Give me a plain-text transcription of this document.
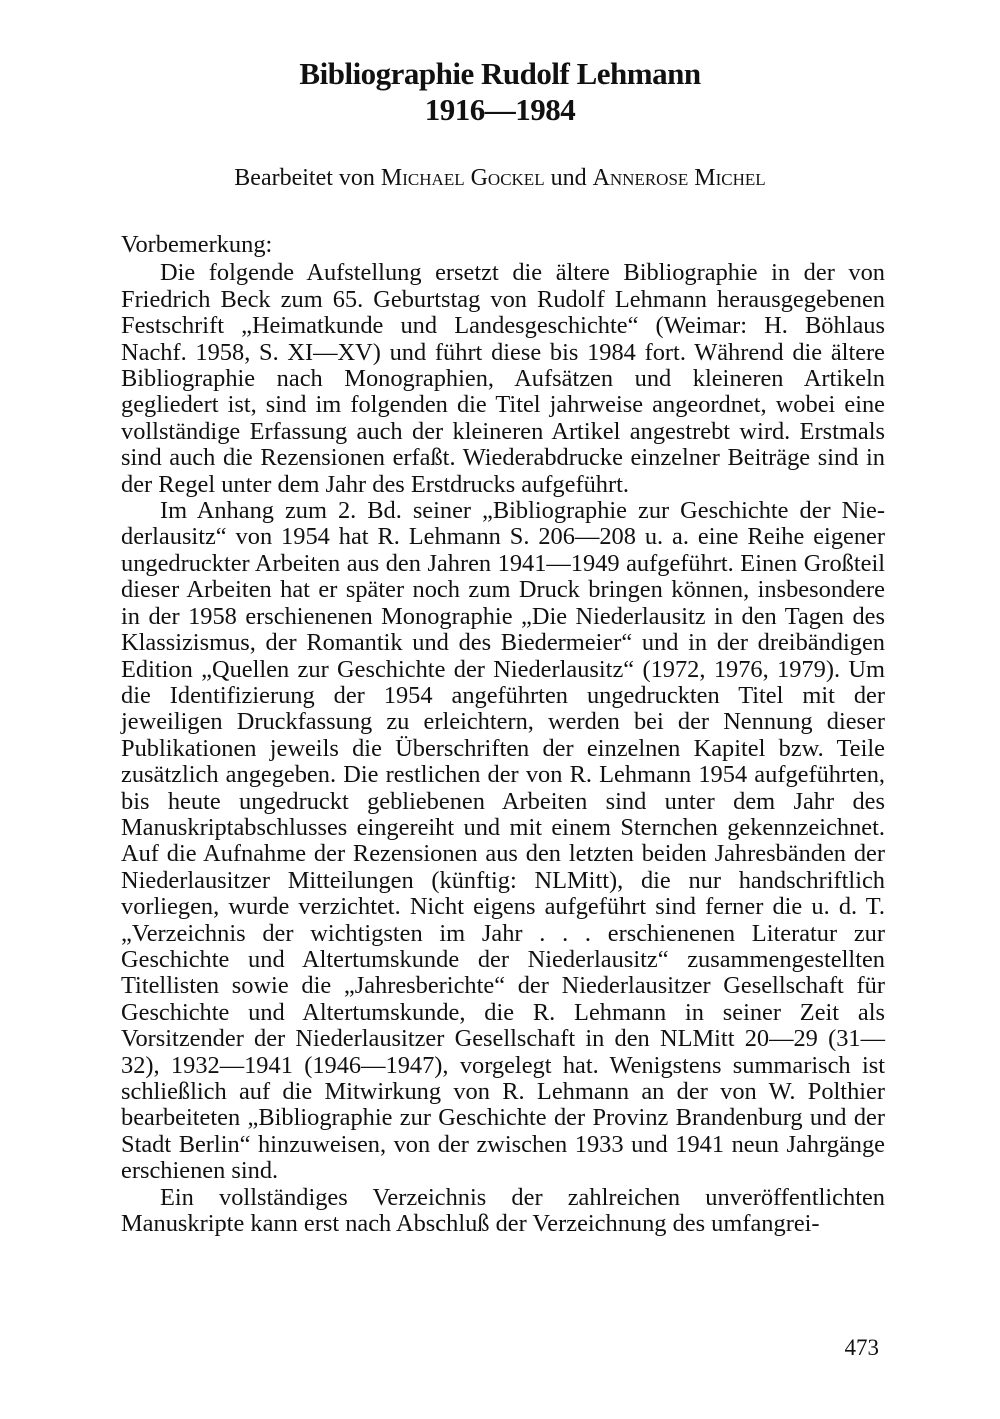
Bibliographie Rudolf Lehmann
1916—1984
Bearbeitet von Michael Gockel und Annerose Michel

Vorbemerkung:

Die folgende Aufstellung ersetzt die ältere Bibliographie in der von Friedrich Beck zum 65. Geburtstag von Rudolf Lehmann herausgegebenen Festschrift „Heimatkunde und Landesgeschichte“ (Weimar: H. Böhlaus Nachf. 1958, S. XI—XV) und führt diese bis 1984 fort. Während die ältere Bibliographie nach Monographien, Aufsätzen und kleineren Artikeln gegliedert ist, sind im folgenden die Titel jahrweise angeordnet, wobei eine vollständige Erfassung auch der kleineren Artikel angestrebt wird. Erstmals sind auch die Rezensionen erfaßt. Wiederabdrucke einzelner Beiträge sind in der Regel unter dem Jahr des Erstdrucks aufgeführt.

Im Anhang zum 2. Bd. seiner „Bibliographie zur Geschichte der Niederlausitz“ von 1954 hat R. Lehmann S. 206—208 u. a. eine Reihe eigener ungedruckter Arbeiten aus den Jahren 1941—1949 aufgeführt. Einen Großteil dieser Arbeiten hat er später noch zum Druck bringen können, insbesondere in der 1958 erschienenen Monographie „Die Niederlausitz in den Tagen des Klassizismus, der Romantik und des Biedermeier“ und in der dreibändigen Edition „Quellen zur Geschichte der Niederlausitz“ (1972, 1976, 1979). Um die Identifizierung der 1954 angeführten ungedruckten Titel mit der jeweiligen Druckfassung zu erleichtern, werden bei der Nennung dieser Publikationen jeweils die Überschriften der einzelnen Kapitel bzw. Teile zusätzlich angegeben. Die restlichen der von R. Lehmann 1954 aufgeführten, bis heute ungedruckt gebliebenen Arbeiten sind unter dem Jahr des Manuskriptabschlusses eingereiht und mit einem Sternchen gekennzeichnet. Auf die Aufnahme der Rezensionen aus den letzten beiden Jahresbänden der Niederlausitzer Mitteilungen (künftig: NLMitt), die nur handschriftlich vorliegen, wurde verzichtet. Nicht eigens aufgeführt sind ferner die u. d. T. „Verzeichnis der wichtigsten im Jahr . . . erschienenen Literatur zur Geschichte und Altertumskunde der Niederlausitz“ zusammengestellten Titellisten sowie die „Jahresberichte“ der Niederlausitzer Gesellschaft für Geschichte und Altertumskunde, die R. Lehmann in seiner Zeit als Vorsitzender der Niederlausitzer Gesellschaft in den NLMitt 20—29 (31—32), 1932—1941 (1946—1947), vorgelegt hat. Wenigstens summarisch ist schließlich auf die Mitwirkung von R. Lehmann an der von W. Polthier bearbeiteten „Bibliographie zur Geschichte der Provinz Brandenburg und der Stadt Berlin“ hinzuweisen, von der zwischen 1933 und 1941 neun Jahrgänge erschienen sind.

Ein vollständiges Verzeichnis der zahlreichen unveröffentlichten Manuskripte kann erst nach Abschluß der Verzeichnung des umfangrei-

473
